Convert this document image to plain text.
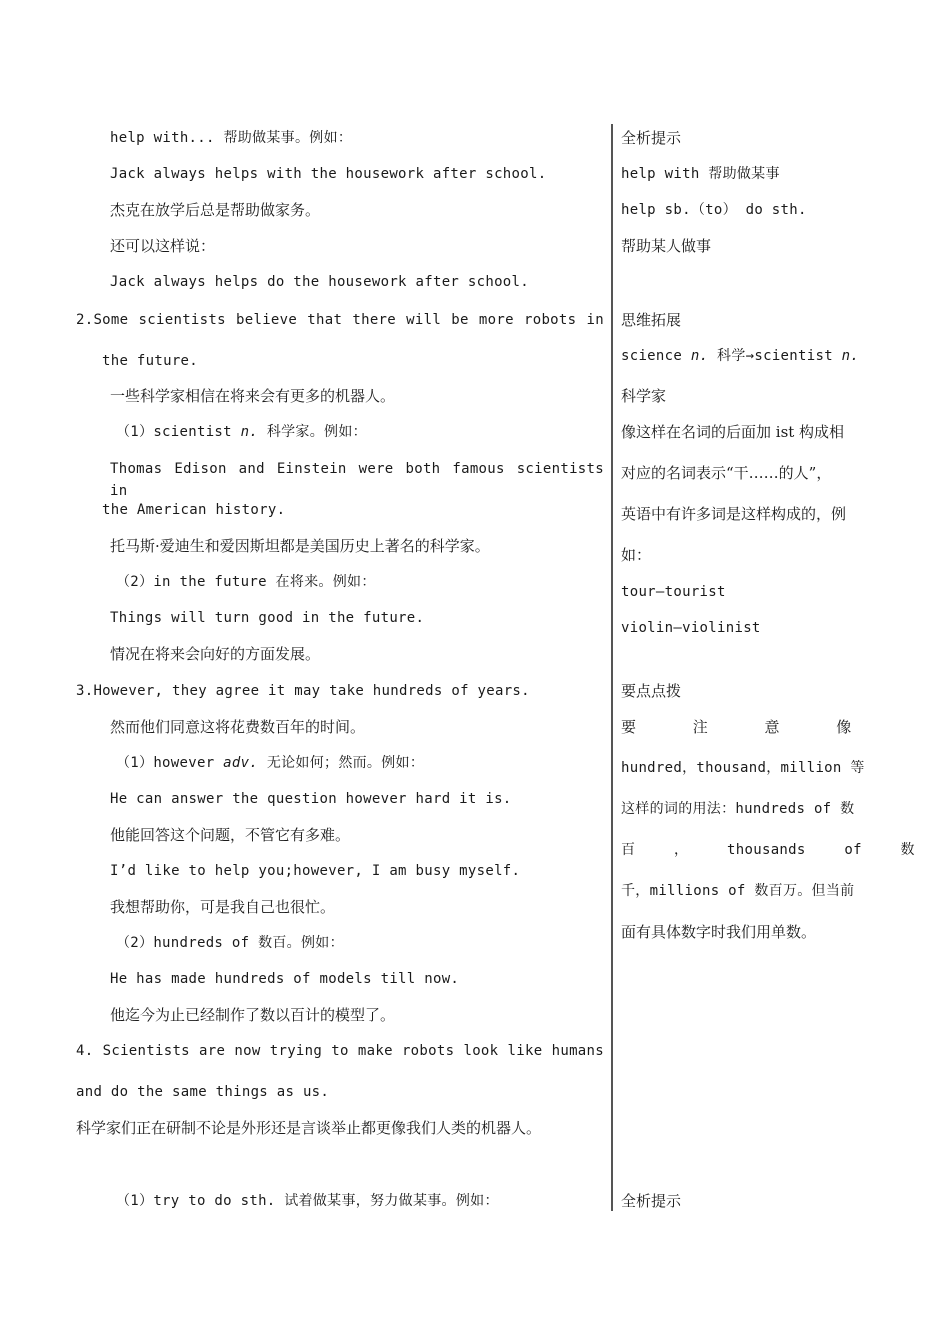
help with... 帮助做某事。例如：
Jack always helps with the housework after school.
杰克在放学后总是帮助做家务。
还可以这样说：
Jack always helps do the housework after school.
2.Some scientists believe that there will be more robots in
the future.
一些科学家相信在将来会有更多的机器人。
（1）scientist n. 科学家。例如：
Thomas Edison and Einstein were both famous scientists in
the American history.
托马斯·爱迪生和爱因斯坦都是美国历史上著名的科学家。
（2）in the future 在将来。例如：
Things will turn good in the future.
情况在将来会向好的方面发展。
3.However, they agree it may take hundreds of years.
然而他们同意这将花费数百年的时间。
（1）however adv. 无论如何；然而。例如：
He can answer the question however hard it is.
他能回答这个问题，不管它有多难。
I’d like to help you;however, I am busy myself.
我想帮助你，可是我自己也很忙。
（2）hundreds of 数百。例如：
He has made hundreds of models till now.
他迄今为止已经制作了数以百计的模型了。
4. Scientists are now trying to make robots look like humans
and do the same things as us.
科学家们正在研制不论是外形还是言谈举止都更像我们人类的机器人。
（1）try to do sth. 试着做某事，努力做某事。例如：
全析提示
help with 帮助做某事
help sb.（to） do sth.
帮助某人做事
思维拓展
science n. 科学→scientist n.
科学家
像这样在名词的后面加 ist 构成相
对应的名词表示“干……的人”，
英语中有许多词是这样构成的，例
如：
tour—tourist
violin—violinist
要点点拨
要 注 意 像
hundred，thousand，million 等
这样的词的用法：hundreds of 数
百 ， thousands of 数
千，millions of 数百万。但当前
面有具体数字时我们用单数。
全析提示
